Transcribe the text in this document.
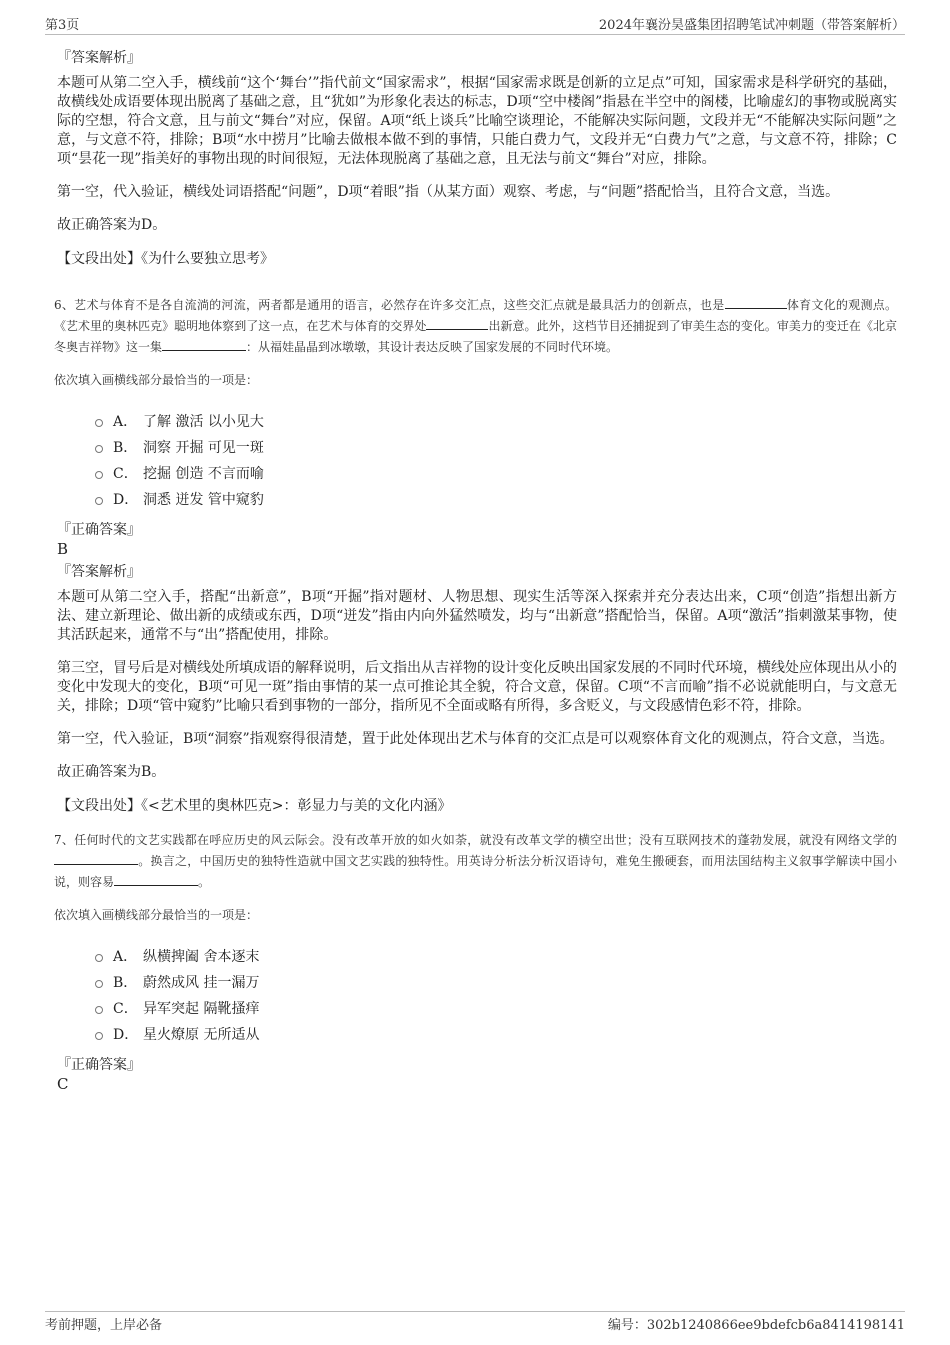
第3页	2024年襄汾昊盛集团招聘笔试冲刺题（带答案解析）
『答案解析』

本题可从第二空入手，横线前“这个‘舞台’”指代前文“国家需求”，根据“国家需求既是创新的立足点”可知，国家需求是科学研究的基础，故横线处成语要体现出脱离了基础之意，且“犹如”为形象化表达的标志，D项“空中楼阁”指悬在半空中的阁楼，比喻虚幻的事物或脱离实际的空想，符合文意，且与前文“舞台”对应，保留。A项“纸上谈兵”比喻空谈理论，不能解决实际问题，文段并无“不能解决实际问题”之意，与文意不符，排除；B项“水中捞月”比喻去做根本做不到的事情，只能白费力气，文段并无“白费力气”之意，与文意不符，排除；C项“昙花一现”指美好的事物出现的时间很短，无法体现脱离了基础之意，且无法与前文“舞台”对应，排除。

第一空，代入验证，横线处词语搭配“问题”，D项“着眼”指（从某方面）观察、考虑，与“问题”搭配恰当，且符合文意，当选。

故正确答案为D。

【文段出处】《为什么要独立思考》

6、艺术与体育不是各自流淌的河流，两者都是通用的语言，必然存在许多交汇点，这些交汇点就是最具活力的创新点，也是	体育文化的观测点。《艺术里的奥林匹克》聪明地体察到了这一点，在艺术与体育的交界处	出新意。此外，这档节目还捕捉到了审美生态的变化。审美力的变迁在《北京冬奥吉祥物》这一集	：从福娃晶晶到冰墩墩，其设计表达反映了国家发展的不同时代环境。

依次填入画横线部分最恰当的一项是：

A． 了解 激活 以小见大
B． 洞察 开掘 可见一斑
C． 挖掘 创造 不言而喻
D． 洞悉 迸发 管中窥豹
『正确答案』
B
『答案解析』

本题可从第二空入手，搭配“出新意”，B项“开掘”指对题材、人物思想、现实生活等深入探索并充分表达出来，C项“创造”指想出新方法、建立新理论、做出新的成绩或东西，D项“迸发”指由内向外猛然喷发，均与“出新意”搭配恰当，保留。A项“激活”指刺激某事物，使其活跃起来，通常不与“出”搭配使用，排除。

第三空，冒号后是对横线处所填成语的解释说明，后文指出从吉祥物的设计变化反映出国家发展的不同时代环境，横线处应体现出从小的变化中发现大的变化，B项“可见一斑”指由事情的某一点可推论其全貌，符合文意，保留。C项“不言而喻”指不必说就能明白，与文意无关，排除；D项“管中窥豹”比喻只看到事物的一部分，指所见不全面或略有所得，多含贬义，与文段感情色彩不符，排除。

第一空，代入验证，B项“洞察”指观察得很清楚，置于此处体现出艺术与体育的交汇点是可以观察体育文化的观测点，符合文意，当选。

故正确答案为B。

【文段出处】《<艺术里的奥林匹克>：彰显力与美的文化内涵》

7、任何时代的文艺实践都在呼应历史的风云际会。没有改革开放的如火如荼，就没有改革文学的横空出世；没有互联网技术的蓬勃发展，就没有网络文学的。换言之，中国历史的独特性造就中国文艺实践的独特性。用英诗分析法分析汉语诗句，难免生搬硬套，而用法国结构主义叙事学解读中国小说，则容易	。

依次填入画横线部分最恰当的一项是：

A． 纵横捭阖 舍本逐末
B． 蔚然成风 挂一漏万
C． 异军突起 隔靴搔痒
D． 星火燎原 无所适从
『正确答案』
C
考前押题，上岸必备	编号：302b1240866ee9bdefcb6a8414198141
